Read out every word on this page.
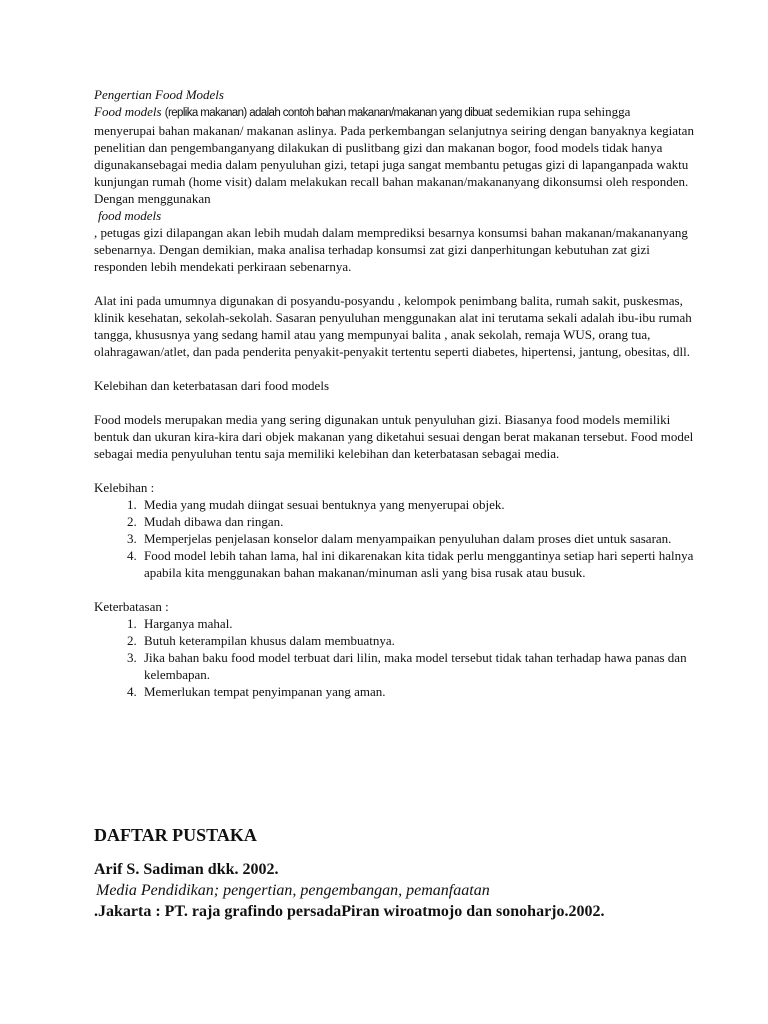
Pengertian Food Models

Food models (replika makanan) adalah contoh bahan makanan/makanan yang dibuat sedemikian rupa sehingga menyerupai bahan makanan/ makanan aslinya. Pada perkembangan selanjutnya seiring dengan banyaknya kegiatan penelitian dan pengembanganyang dilakukan di puslitbang gizi dan makanan bogor, food models tidak hanya digunakansebagai media dalam penyuluhan gizi, tetapi juga sangat membantu petugas gizi di lapanganpada waktu kunjungan rumah (home visit) dalam melakukan recall bahan makanan/makananyang dikonsumsi oleh responden. Dengan menggunakan

food models

, petugas gizi dilapangan akan lebih mudah dalam memprediksi besarnya konsumsi bahan makanan/makananyang sebenarnya. Dengan demikian, maka analisa terhadap konsumsi zat gizi danperhitungan kebutuhan zat gizi responden lebih mendekati perkiraan sebenarnya.

Alat ini pada umumnya digunakan di posyandu-posyandu , kelompok penimbang balita, rumah sakit, puskesmas, klinik kesehatan, sekolah-sekolah. Sasaran penyuluhan menggunakan alat ini terutama sekali adalah ibu-ibu rumah tangga, khususnya yang sedang hamil atau yang mempunyai balita , anak sekolah, remaja WUS, orang tua, olahragawan/atlet, dan pada penderita penyakit-penyakit tertentu seperti diabetes, hipertensi, jantung, obesitas, dll.

Kelebihan dan keterbatasan dari food models

Food models merupakan media yang sering digunakan untuk penyuluhan gizi. Biasanya food models memiliki bentuk dan ukuran kira-kira dari objek makanan yang diketahui sesuai dengan berat makanan tersebut. Food model sebagai media penyuluhan tentu saja memiliki kelebihan dan keterbatasan sebagai media.

Kelebihan :

1. Media yang mudah diingat sesuai bentuknya yang menyerupai objek.
2. Mudah dibawa dan ringan.
3. Memperjelas penjelasan konselor dalam menyampaikan penyuluhan dalam proses diet untuk sasaran.
4. Food model lebih tahan lama, hal ini dikarenakan kita tidak perlu menggantinya setiap hari seperti halnya apabila kita menggunakan bahan makanan/minuman asli yang bisa rusak atau busuk.

Keterbatasan :

1. Harganya mahal.
2. Butuh keterampilan khusus dalam membuatnya.
3. Jika bahan baku food model terbuat dari lilin, maka model tersebut tidak tahan terhadap hawa panas dan kelembapan.
4. Memerlukan tempat penyimpanan yang aman.

DAFTAR PUSTAKA

Arif S. Sadiman dkk. 2002.

Media Pendidikan; pengertian, pengembangan, pemanfaatan

.Jakarta : PT. raja grafindo persadaPiran wiroatmojo dan sonoharjo.2002.
